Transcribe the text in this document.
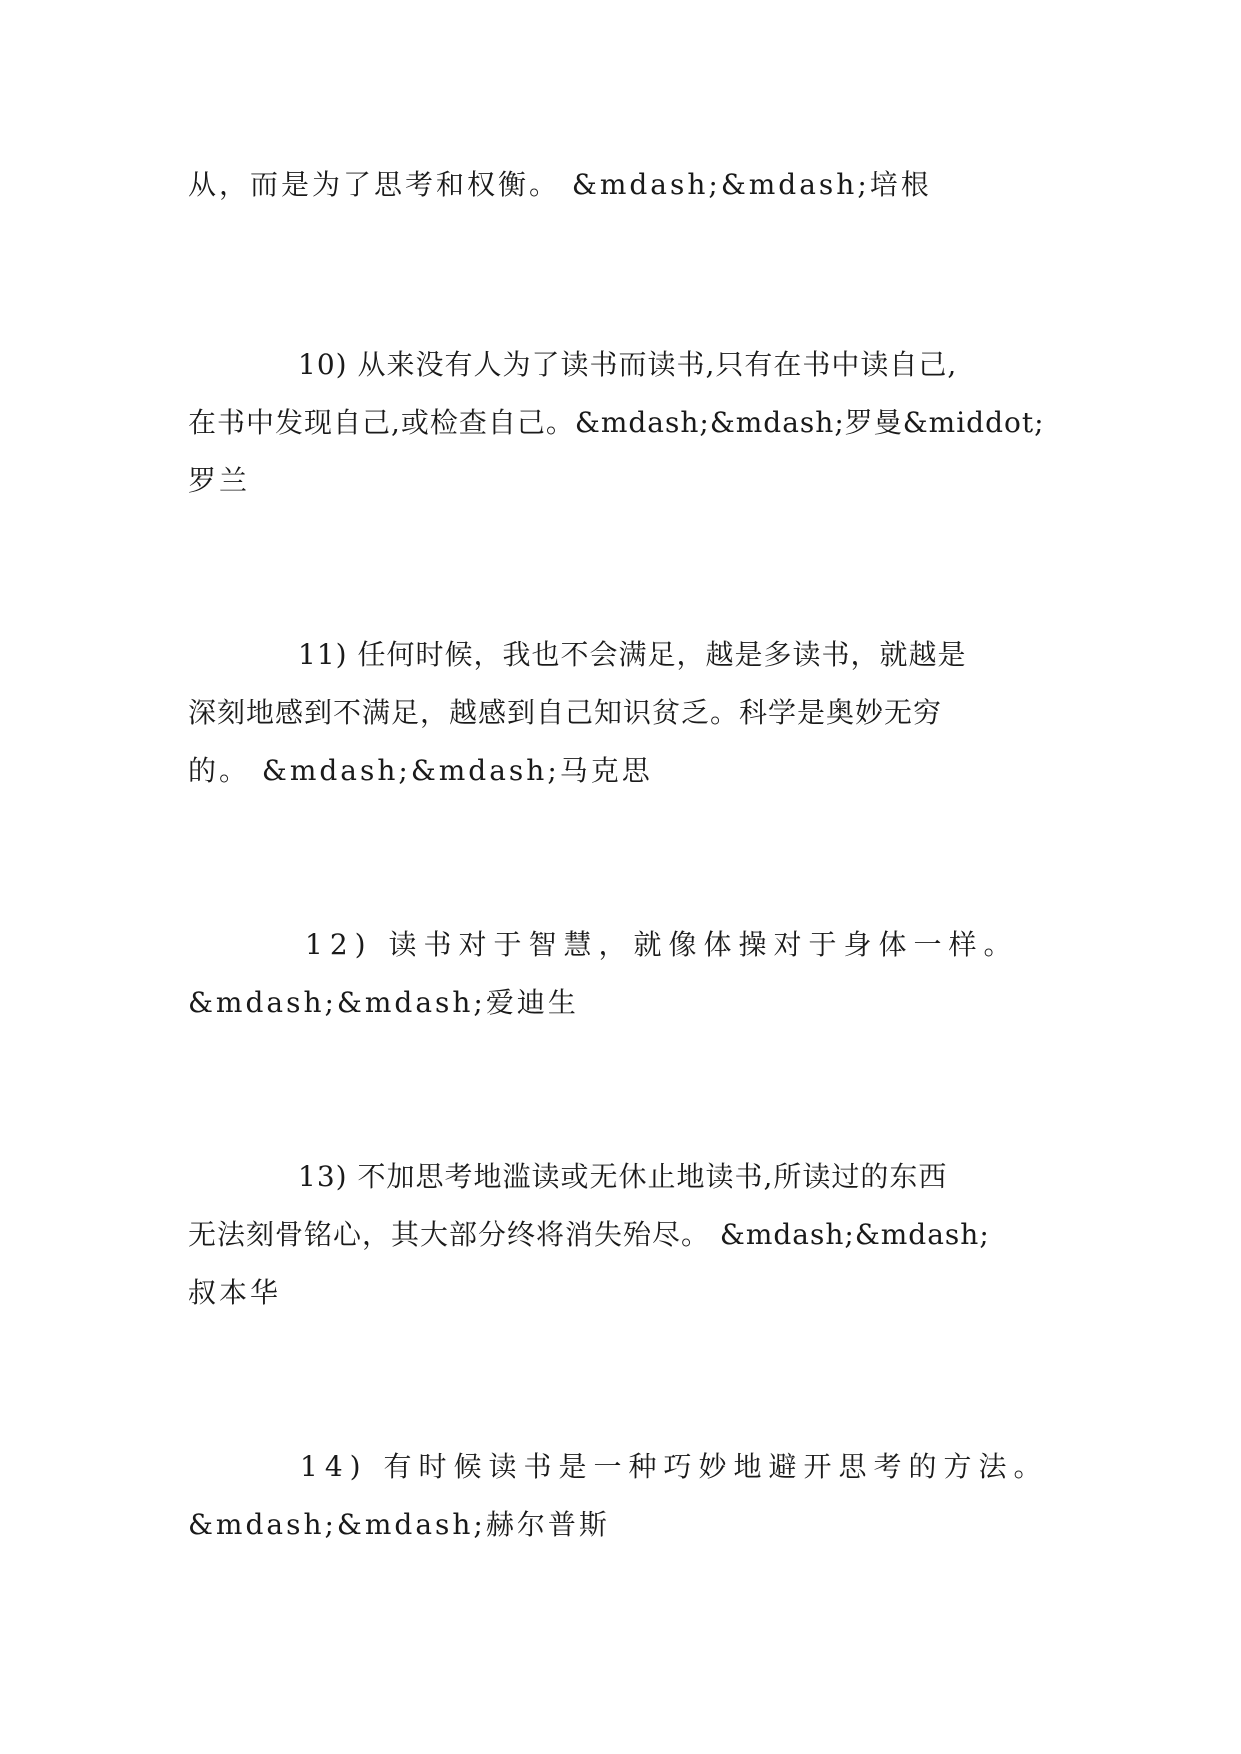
从，而是为了思考和权衡。 &mdash;&mdash;培根
10) 从来没有人为了读书而读书,只有在书中读自己,
在书中发现自己,或检查自己。&mdash;&mdash;罗曼&middot;
罗兰
11) 任何时候，我也不会满足，越是多读书，就越是
深刻地感到不满足，越感到自己知识贫乏。科学是奥妙无穷
的。 &mdash;&mdash;马克思
12) 读书对于智慧，就像体操对于身体一样。
&mdash;&mdash;爱迪生
13) 不加思考地滥读或无休止地读书,所读过的东西
无法刻骨铭心，其大部分终将消失殆尽。 &mdash;&mdash;
叔本华
14) 有时候读书是一种巧妙地避开思考的方法。
&mdash;&mdash;赫尔普斯
